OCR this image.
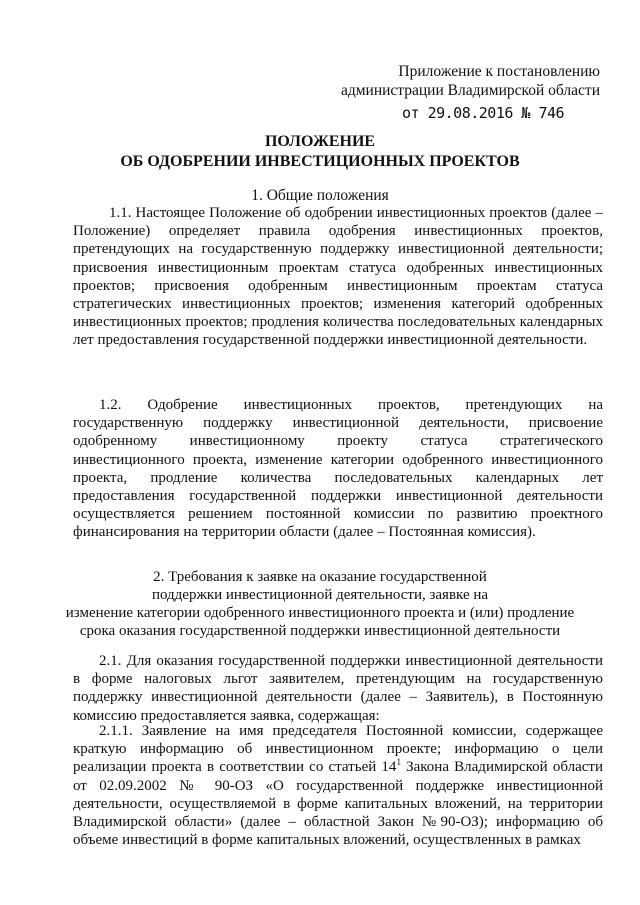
Приложение к постановлению
администрации Владимирской области
от 29.08.2016 № 746
ПОЛОЖЕНИЕ
ОБ ОДОБРЕНИИ ИНВЕСТИЦИОННЫХ ПРОЕКТОВ
1. Общие положения

1.1. Настоящее Положение об одобрении инвестиционных проектов (далее – Положение) определяет правила одобрения инвестиционных проектов, претендующих на государственную поддержку инвестиционной деятельности; присвоения инвестиционным проектам статуса одобренных инвестиционных проектов; присвоения одобренным инвестиционным проектам статуса стратегических инвестиционных проектов; изменения категорий одобренных инвестиционных проектов; продления количества последовательных календарных лет предоставления государственной поддержки инвестиционной деятельности.

1.2. Одобрение инвестиционных проектов, претендующих на государственную поддержку инвестиционной деятельности, присвоение одобренному инвестиционному проекту статуса стратегического инвестиционного проекта, изменение категории одобренного инвестиционного проекта, продление количества последовательных календарных лет предоставления государственной поддержки инвестиционной деятельности осуществляется решением постоянной комиссии по развитию проектного финансирования на территории области (далее – Постоянная комиссия).

2. Требования к заявке на оказание государственной
поддержки инвестиционной деятельности, заявке на
изменение категории одобренного инвестиционного проекта и (или) продление
срока оказания государственной поддержки инвестиционной деятельности

2.1. Для оказания государственной поддержки инвестиционной деятельности в форме налоговых льгот заявителем, претендующим на государственную поддержку инвестиционной деятельности (далее – Заявитель), в Постоянную комиссию предоставляется заявка, содержащая:

2.1.1. Заявление на имя председателя Постоянной комиссии, содержащее краткую информацию об инвестиционном проекте; информацию о цели реализации проекта в соответствии со статьей $14^1$ Закона Владимирской области от 02.09.2002 № 90-ОЗ «О государственной поддержке инвестиционной деятельности, осуществляемой в форме капитальных вложений, на территории Владимирской области» (далее – областной Закон №90-ОЗ); информацию об объеме инвестиций в форме капитальных вложений, осуществленных в рамках
